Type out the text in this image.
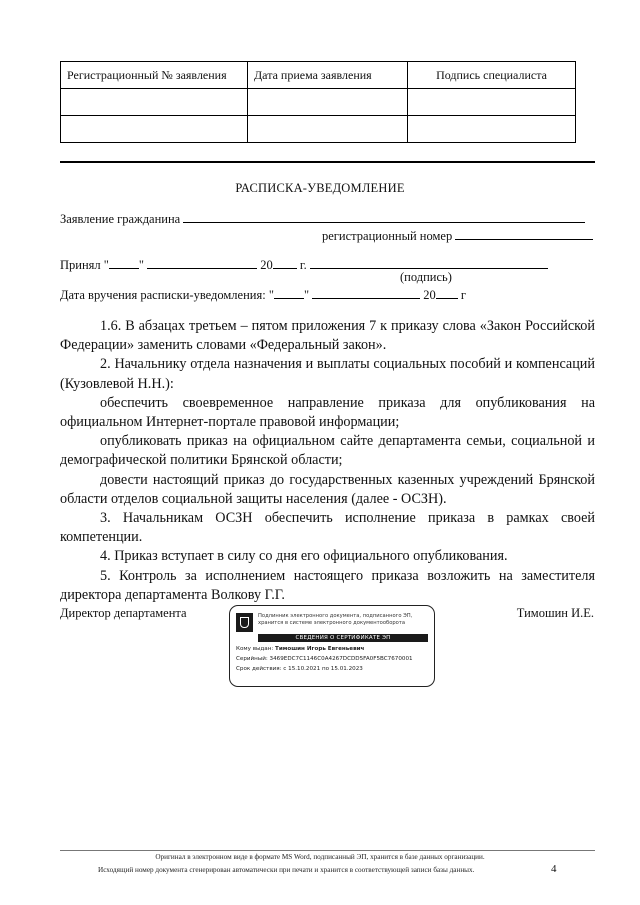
Регистрационный № заявления	Дата приема заявления	Подпись специалиста

РАСПИСКА-УВЕДОМЛЕНИЕ
Заявление гражданина
регистрационный номер
Принял " "	20 г.
(подпись)
Дата вручения расписки-уведомления: " "	20 г

1.6. В абзацах третьем – пятом приложения 7 к приказу слова «Закон Российской Федерации» заменить словами «Федеральный закон».

2. Начальнику отдела назначения и выплаты социальных пособий и компенсаций (Кузовлевой Н.Н.):

обеспечить своевременное направление приказа для опубликования на официальном Интернет-портале правовой информации;

опубликовать приказ на официальном сайте департамента семьи, социальной и демографической политики Брянской области;

довести настоящий приказ до государственных казенных учреждений Брянской области отделов социальной защиты населения (далее - ОСЗН).

3. Начальникам ОСЗН обеспечить исполнение приказа в рамках своей компетенции.

4. Приказ вступает в силу со дня его официального опубликования.

5. Контроль за исполнением настоящего приказа возложить на заместителя директора департамента Волкову Г.Г.

Директор департамента	Тимошин И.Е.
Подлинник электронного документа, подписанного ЭП,
хранится в системе электронного документооборота
СВЕДЕНИЯ О СЕРТИФИКАТЕ ЭП
Кому выдан: Тимошин Игорь Евгеньевич
Серийный: 3469EDC7C1146C0A4267DCDD5FA0F5BC7670001
Срок действия: с 15.10.2021 по 15.01.2023
Оригинал в электронном виде в формате MS Word, подписанный ЭП, хранится в базе данных организации.
Исходящий номер документа сгенерирован автоматически при печати и хранится в соответствующей записи базы данных.	4
